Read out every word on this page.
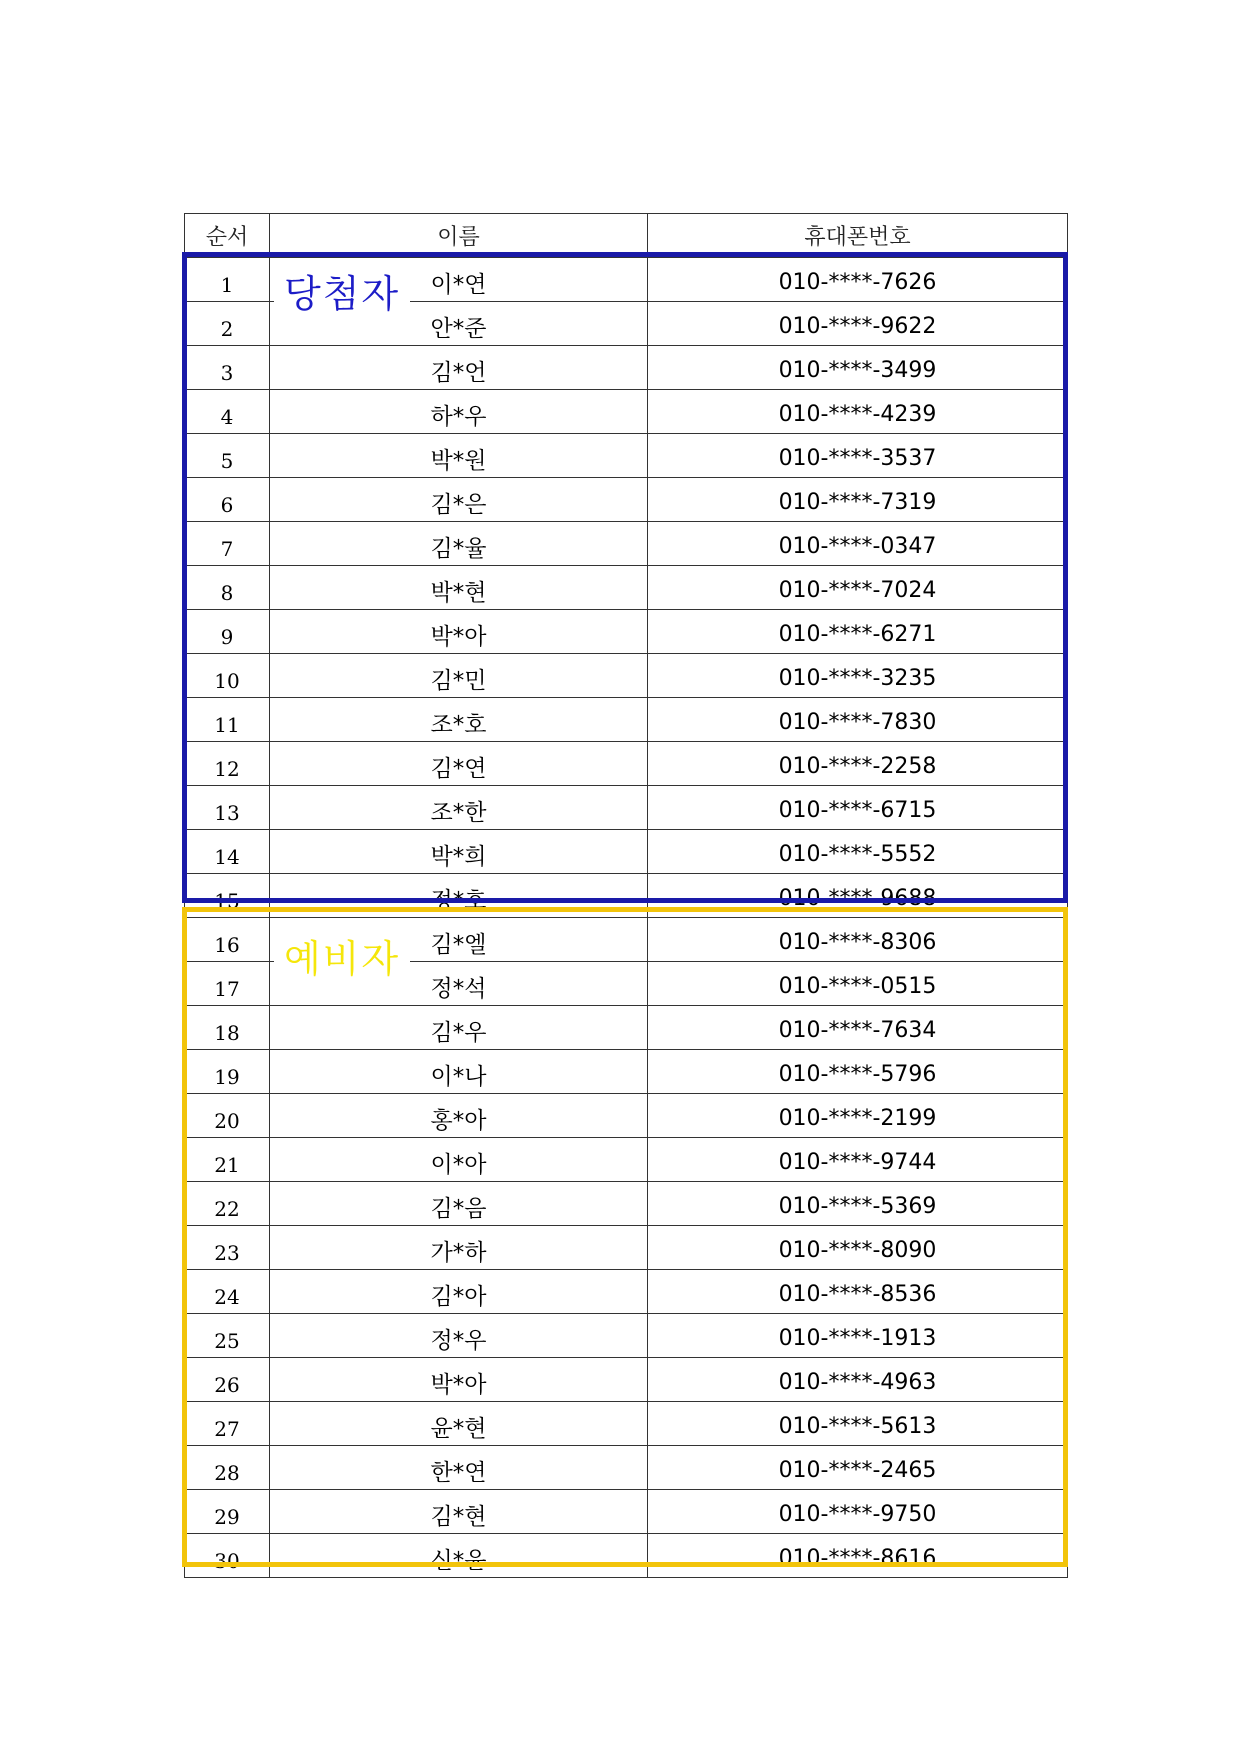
순서	이름	휴대폰번호
1	이*연	010-****-7626
2	안*준	010-****-9622
3	김*언	010-****-3499
4	하*우	010-****-4239
5	박*원	010-****-3537
6	김*은	010-****-7319
7	김*율	010-****-0347
8	박*현	010-****-7024
9	박*아	010-****-6271
10	김*민	010-****-3235
11	조*호	010-****-7830
12	김*연	010-****-2258
13	조*한	010-****-6715
14	박*희	010-****-5552
15	정*호	010-****-9688
16	김*엘	010-****-8306
17	정*석	010-****-0515
18	김*우	010-****-7634
19	이*나	010-****-5796
20	홍*아	010-****-2199
21	이*아	010-****-9744
22	김*음	010-****-5369
23	가*하	010-****-8090
24	김*아	010-****-8536
25	정*우	010-****-1913
26	박*아	010-****-4963
27	윤*현	010-****-5613
28	한*연	010-****-2465
29	김*현	010-****-9750
30	신*윤	010-****-8616
당첨자
예비자
